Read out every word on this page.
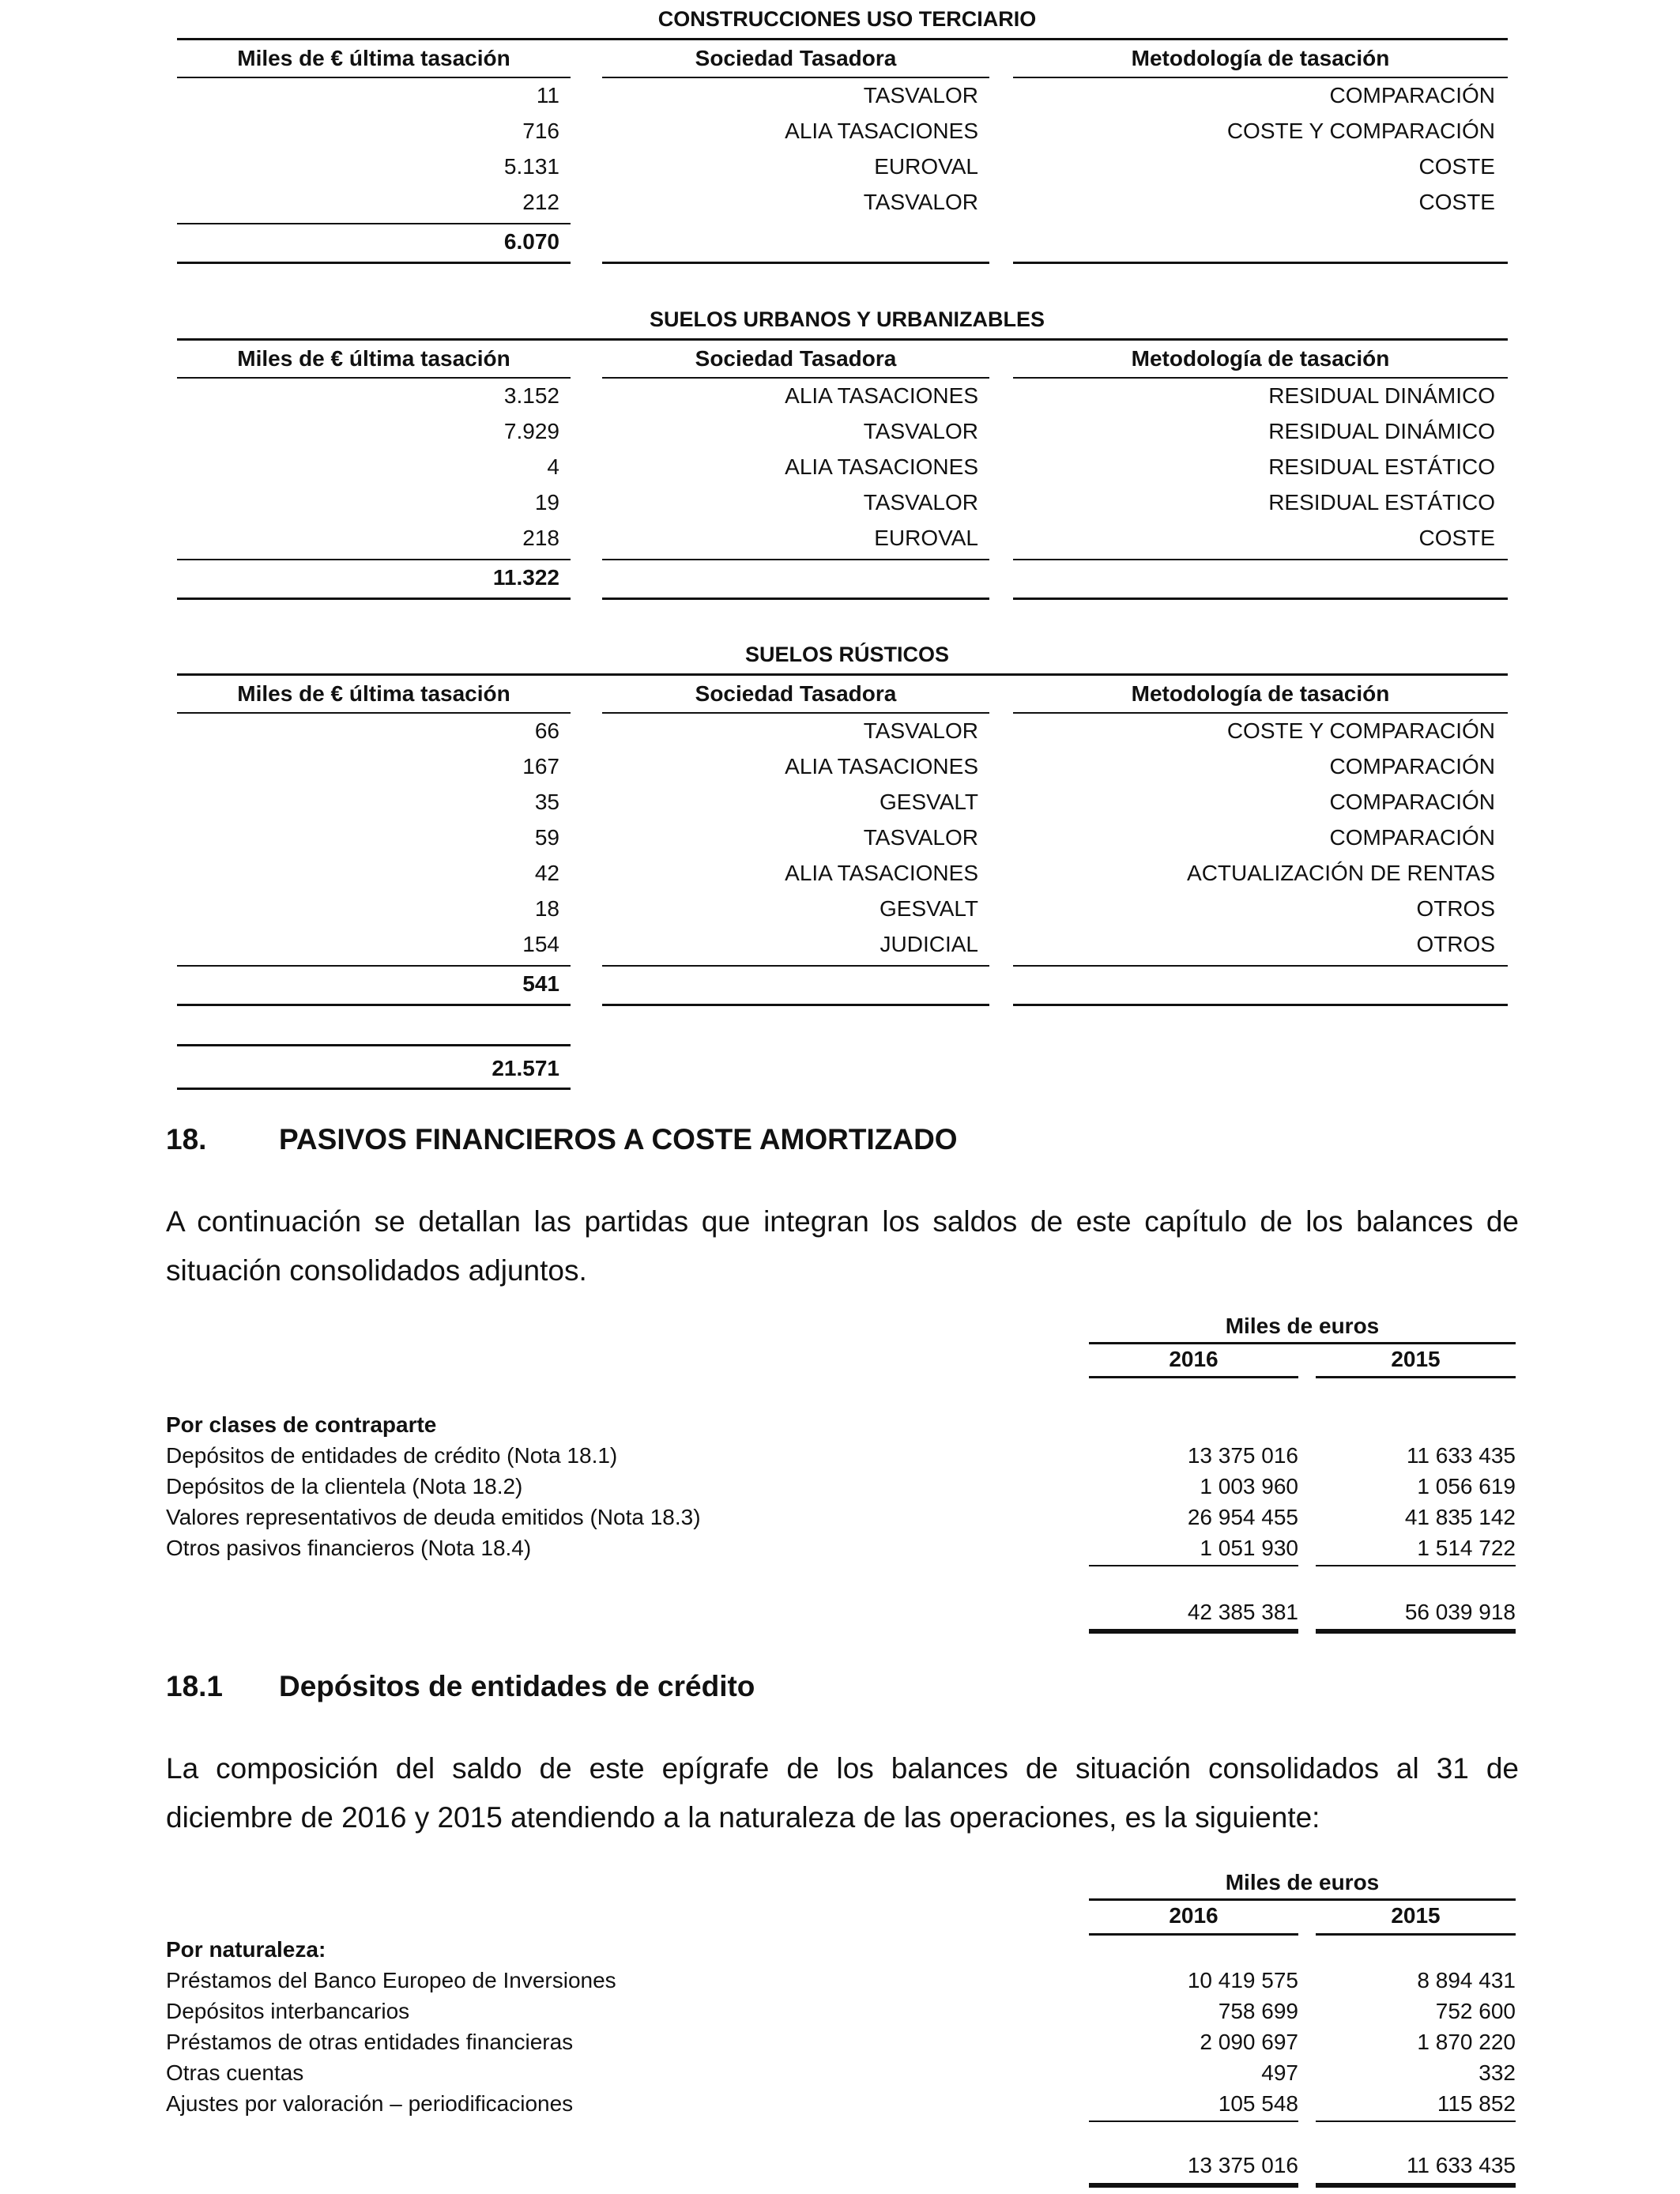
CONSTRUCCIONES USO TERCIARIO
Miles de € última tasación	Sociedad Tasadora	Metodología de tasación
11	TASVALOR	COMPARACIÓN
716	ALIA TASACIONES	COSTE Y COMPARACIÓN
5.131	EUROVAL	COSTE
212	TASVALOR	COSTE
6.070
SUELOS URBANOS Y URBANIZABLES
Miles de € última tasación	Sociedad Tasadora	Metodología de tasación
3.152	ALIA TASACIONES	RESIDUAL DINÁMICO
7.929	TASVALOR	RESIDUAL DINÁMICO
4	ALIA TASACIONES	RESIDUAL ESTÁTICO
19	TASVALOR	RESIDUAL ESTÁTICO
218	EUROVAL	COSTE
11.322
SUELOS RÚSTICOS
Miles de € última tasación	Sociedad Tasadora	Metodología de tasación
66	TASVALOR	COSTE Y COMPARACIÓN
167	ALIA TASACIONES	COMPARACIÓN
35	GESVALT	COMPARACIÓN
59	TASVALOR	COMPARACIÓN
42	ALIA TASACIONES	ACTUALIZACIÓN DE RENTAS
18	GESVALT	OTROS
154	JUDICIAL	OTROS
541
21.571
18. PASIVOS FINANCIEROS A COSTE AMORTIZADO
A continuación se detallan las partidas que integran los saldos de este capítulo de los balances de situación consolidados adjuntos.
Miles de euros
2016	2015
Por clases de contraparte
Depósitos de entidades de crédito (Nota 18.1)	13 375 016	11 633 435
Depósitos de la clientela (Nota 18.2)	1 003 960	1 056 619
Valores representativos de deuda emitidos (Nota 18.3)	26 954 455	41 835 142
Otros pasivos financieros (Nota 18.4)	1 051 930	1 514 722
42 385 381	56 039 918
18.1 Depósitos de entidades de crédito
La composición del saldo de este epígrafe de los balances de situación consolidados al 31 de
diciembre de 2016 y 2015 atendiendo a la naturaleza de las operaciones, es la siguiente:
Miles de euros
2016	2015
Por naturaleza:
Préstamos del Banco Europeo de Inversiones	10 419 575	8 894 431
Depósitos interbancarios	758 699	752 600
Préstamos de otras entidades financieras	2 090 697	1 870 220
Otras cuentas	497	332
Ajustes por valoración – periodificaciones	105 548	115 852
13 375 016	11 633 435
